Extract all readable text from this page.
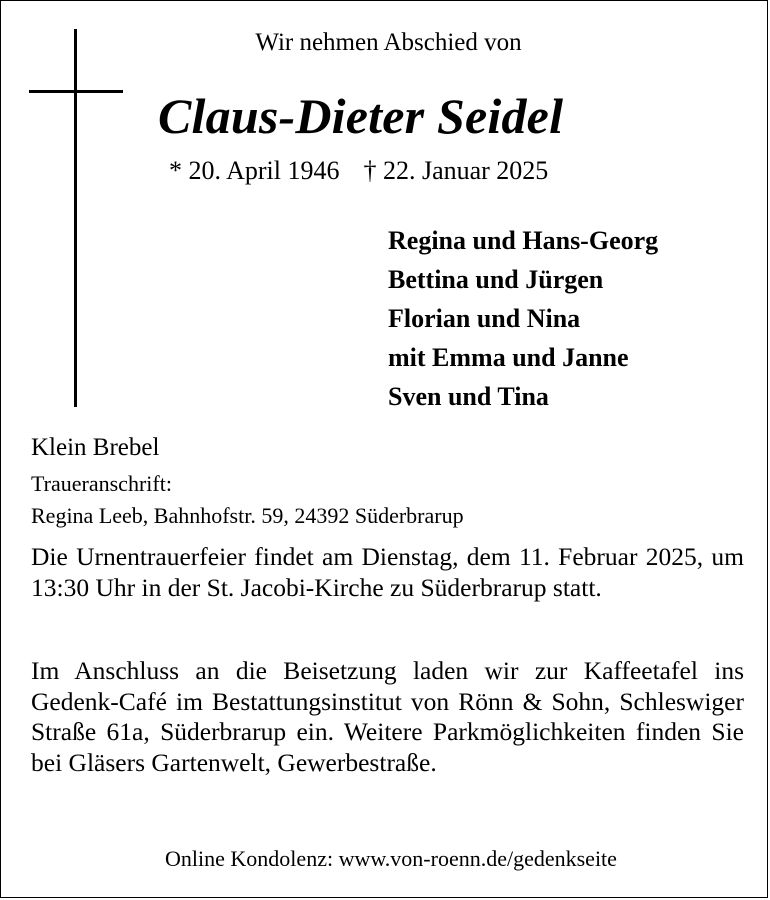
Wir nehmen Abschied von
Claus-Dieter Seidel
* 20. April 1946 † 22. Januar 2025
Regina und Hans-Georg
Bettina und Jürgen
Florian und Nina
mit Emma und Janne
Sven und Tina
Klein Brebel
Traueranschrift:
Regina Leeb, Bahnhofstr. 59, 24392 Süderbrarup
Die Urnentrauerfeier findet am Dienstag, dem 11. Februar 2025, um 13:30 Uhr in der St. Jacobi-Kirche zu Süderbrarup statt.
Im Anschluss an die Beisetzung laden wir zur Kaffeetafel ins Gedenk-Café im Bestattungsinstitut von Rönn & Sohn, Schleswiger Straße 61a, Süderbrarup ein. Weitere Parkmöglichkeiten finden Sie bei Gläsers Gartenwelt, Gewerbestraße.
Online Kondolenz: www.von-roenn.de/gedenkseite
